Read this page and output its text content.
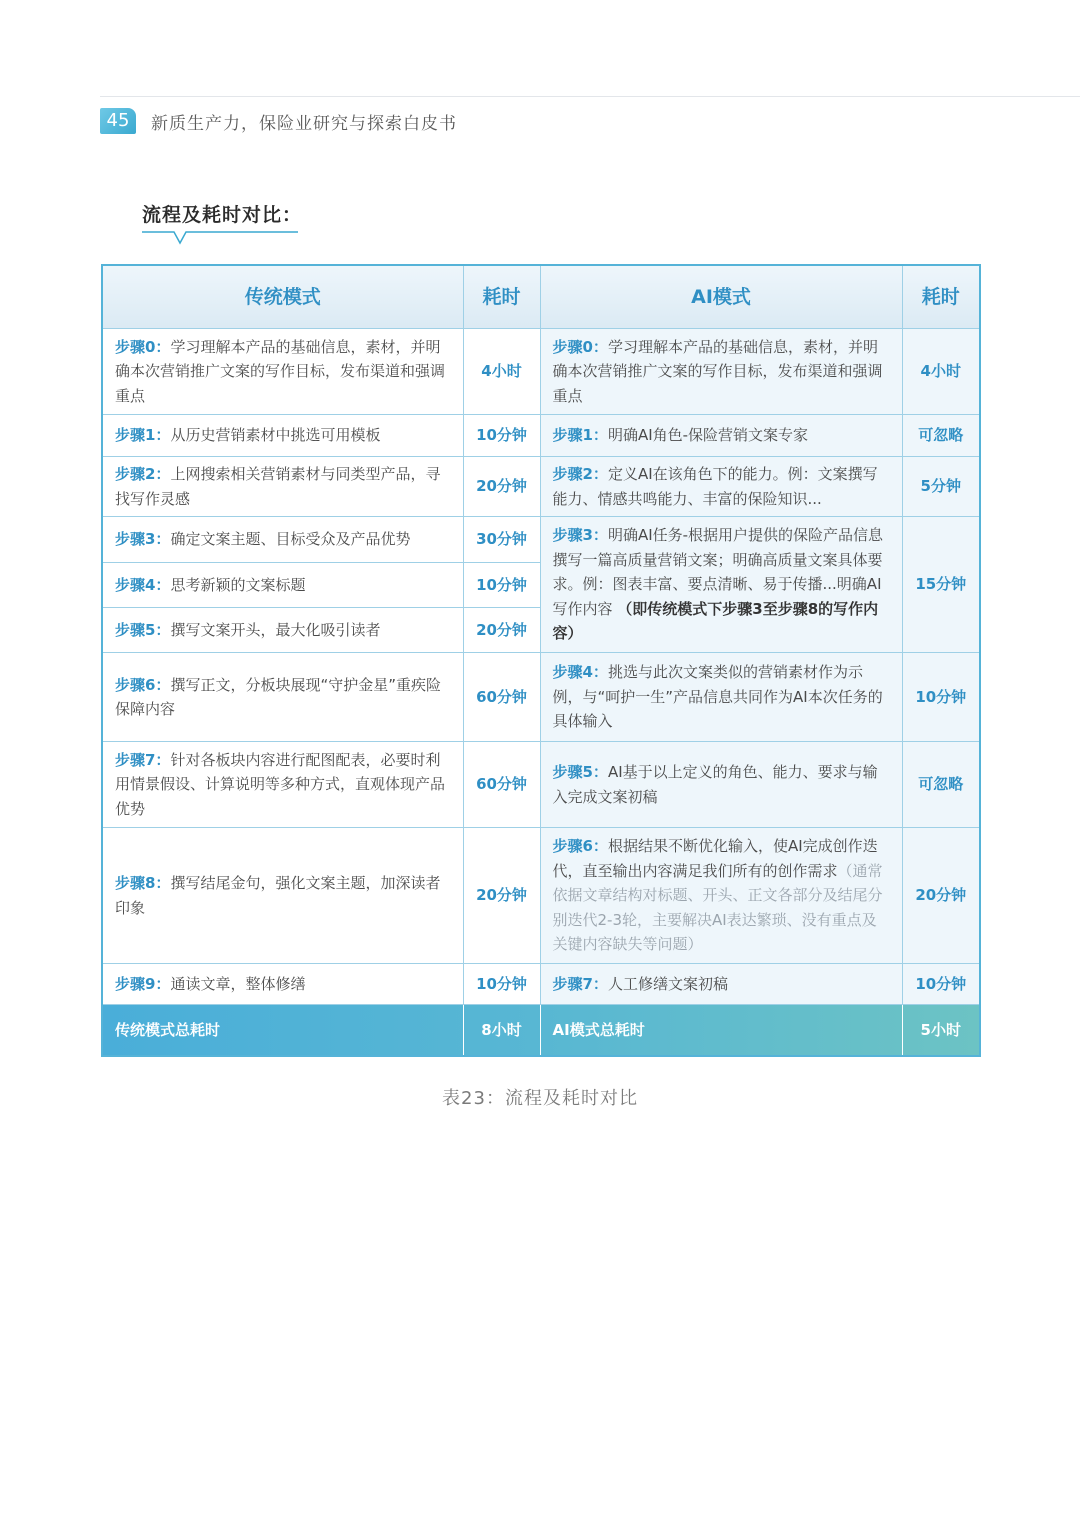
45	新质生产力，保险业研究与探索白皮书
流程及耗时对比：
传统模式	耗时	AI模式	耗时
步骤0：学习理解本产品的基础信息，素材，并明确本次营销推广文案的写作目标，发布渠道和强调重点	4小时	步骤0：学习理解本产品的基础信息，素材，并明确本次营销推广文案的写作目标，发布渠道和强调重点	4小时
步骤1：从历史营销素材中挑选可用模板	10分钟	步骤1：明确AI角色-保险营销文案专家	可忽略
步骤2：上网搜索相关营销素材与同类型产品，寻找写作灵感	20分钟	步骤2：定义AI在该角色下的能力。例：文案撰写能力、情感共鸣能力、丰富的保险知识...	5分钟
步骤3：确定文案主题、目标受众及产品优势	30分钟	步骤3：明确AI任务-根据用户提供的保险产品信息撰写一篇高质量营销文案；明确高质量文案具体要求。例：图表丰富、要点清晰、易于传播...明确AI写作内容 （即传统模式下步骤3至步骤8的写作内容）	15分钟
步骤4：思考新颖的文案标题	10分钟		
步骤5：撰写文案开头，最大化吸引读者	20分钟		
步骤6：撰写正文，分板块展现“守护金星”重疾险保障内容	60分钟	步骤4：挑选与此次文案类似的营销素材作为示例，与“呵护一生”产品信息共同作为AI本次任务的具体输入	10分钟
步骤7：针对各板块内容进行配图配表，必要时利用情景假设、计算说明等多种方式，直观体现产品优势	60分钟	步骤5：AI基于以上定义的角色、能力、要求与输入完成文案初稿	可忽略
步骤8：撰写结尾金句，强化文案主题，加深读者印象	20分钟	步骤6：根据结果不断优化输入，使AI完成创作迭代，直至输出内容满足我们所有的创作需求（通常依据文章结构对标题、开头、正文各部分及结尾分别迭代2-3轮，主要解决AI表达繁琐、没有重点及关键内容缺失等问题）	20分钟
步骤9：通读文章，整体修缮	10分钟	步骤7：人工修缮文案初稿	10分钟
传统模式总耗时	8小时	AI模式总耗时	5小时
表23：流程及耗时对比
